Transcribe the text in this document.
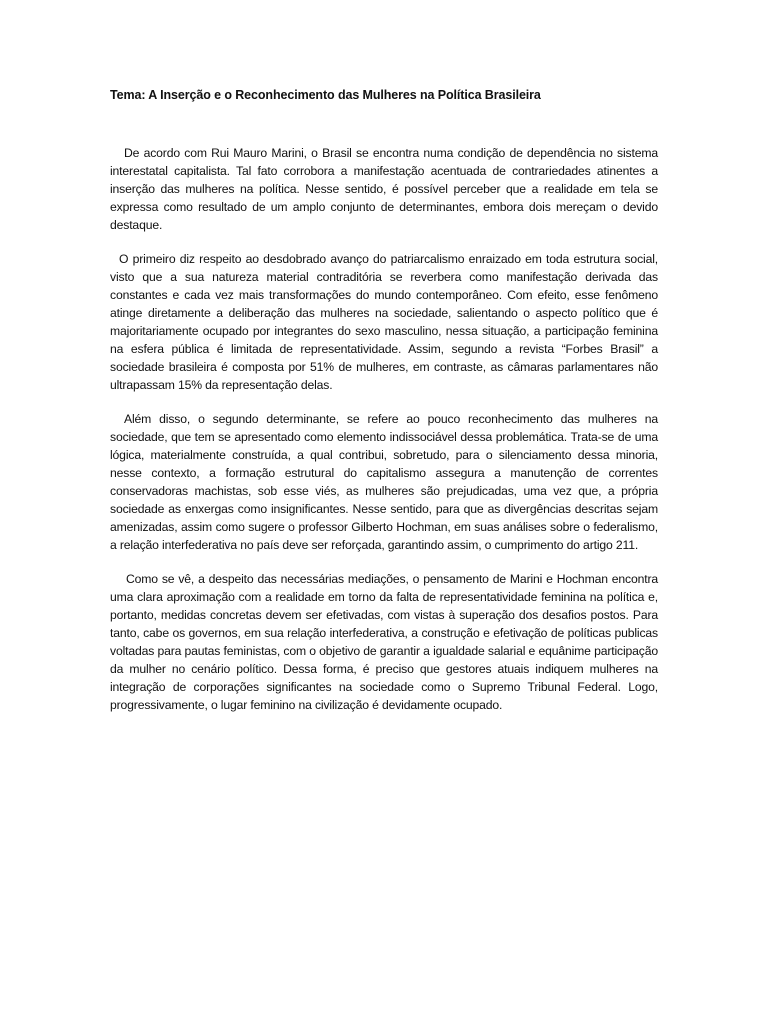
Tema: A Inserção e o Reconhecimento das Mulheres na Política Brasileira

De acordo com Rui Mauro Marini, o Brasil se encontra numa condição de dependência no sistema interestatal capitalista. Tal fato corrobora a manifestação acentuada de contrariedades atinentes a inserção das mulheres na política. Nesse sentido, é possível perceber que a realidade em tela se expressa como resultado de um amplo conjunto de determinantes, embora dois mereçam o devido destaque.

O primeiro diz respeito ao desdobrado avanço do patriarcalismo enraizado em toda estrutura social, visto que a sua natureza material contraditória se reverbera como manifestação derivada das constantes e cada vez mais transformações do mundo contemporâneo. Com efeito, esse fenômeno atinge diretamente a deliberação das mulheres na sociedade, salientando o aspecto político que é majoritariamente ocupado por integrantes do sexo masculino, nessa situação, a participação feminina na esfera pública é limitada de representatividade. Assim, segundo a revista “Forbes Brasil” a sociedade brasileira é composta por 51% de mulheres, em contraste, as câmaras parlamentares não ultrapassam 15% da representação delas.

Além disso, o segundo determinante, se refere ao pouco reconhecimento das mulheres na sociedade, que tem se apresentado como elemento indissociável dessa problemática. Trata-se de uma lógica, materialmente construída, a qual contribui, sobretudo, para o silenciamento dessa minoria, nesse contexto, a formação estrutural do capitalismo assegura a manutenção de correntes conservadoras machistas, sob esse viés, as mulheres são prejudicadas, uma vez que, a própria sociedade as enxergas como insignificantes. Nesse sentido, para que as divergências descritas sejam amenizadas, assim como sugere o professor Gilberto Hochman, em suas análises sobre o federalismo, a relação interfederativa no país deve ser reforçada, garantindo assim, o cumprimento do artigo 211.

Como se vê, a despeito das necessárias mediações, o pensamento de Marini e Hochman encontra uma clara aproximação com a realidade em torno da falta de representatividade feminina na política e, portanto, medidas concretas devem ser efetivadas, com vistas à superação dos desafios postos. Para tanto, cabe os governos, em sua relação interfederativa, a construção e efetivação de políticas publicas voltadas para pautas feministas, com o objetivo de garantir a igualdade salarial e equânime participação da mulher no cenário político. Dessa forma, é preciso que gestores atuais indiquem mulheres na integração de corporações significantes na sociedade como o Supremo Tribunal Federal. Logo, progressivamente, o lugar feminino na civilização é devidamente ocupado.
